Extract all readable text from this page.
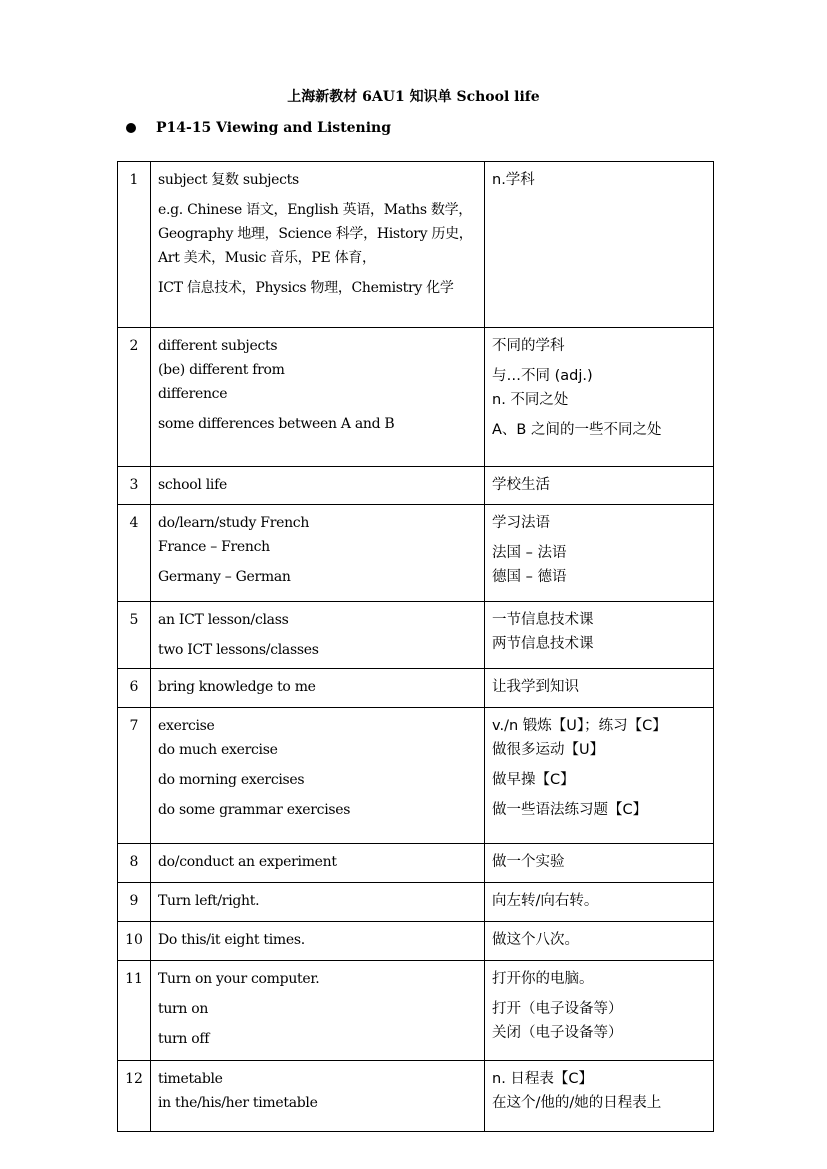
上海新教材 6AU1 知识单 School life
P14-15 Viewing and Listening
1	subject 复数 subjects
e.g. Chinese 语文，English 英语，Maths 数学，
Geography 地理，Science 科学，History 历史，
Art 美术，Music 音乐，PE 体育，
ICT 信息技术，Physics 物理，Chemistry 化学	n.学科

2	different subjects
(be) different from
difference
some differences between A and B	不同的学科
与…不同 (adj.)
n. 不同之处
A、B 之间的一些不同之处

3	school life	学校生活

4	do/learn/study French
France – French
Germany – German	学习法语
法国 – 法语
德国 – 德语

5	an ICT lesson/class
two ICT lessons/classes	一节信息技术课
两节信息技术课

6	bring knowledge to me	让我学到知识

7	exercise
do much exercise
do morning exercises
do some grammar exercises	v./n 锻炼【U】；练习【C】
做很多运动【U】
做早操【C】
做一些语法练习题【C】

8	do/conduct an experiment	做一个实验

9	Turn left/right.	向左转/向右转。

10	Do this/it eight times.	做这个八次。

11	Turn on your computer.
turn on
turn off	打开你的电脑。
打开（电子设备等）
关闭（电子设备等）

12	timetable
in the/his/her timetable	n. 日程表【C】
在这个/他的/她的日程表上
